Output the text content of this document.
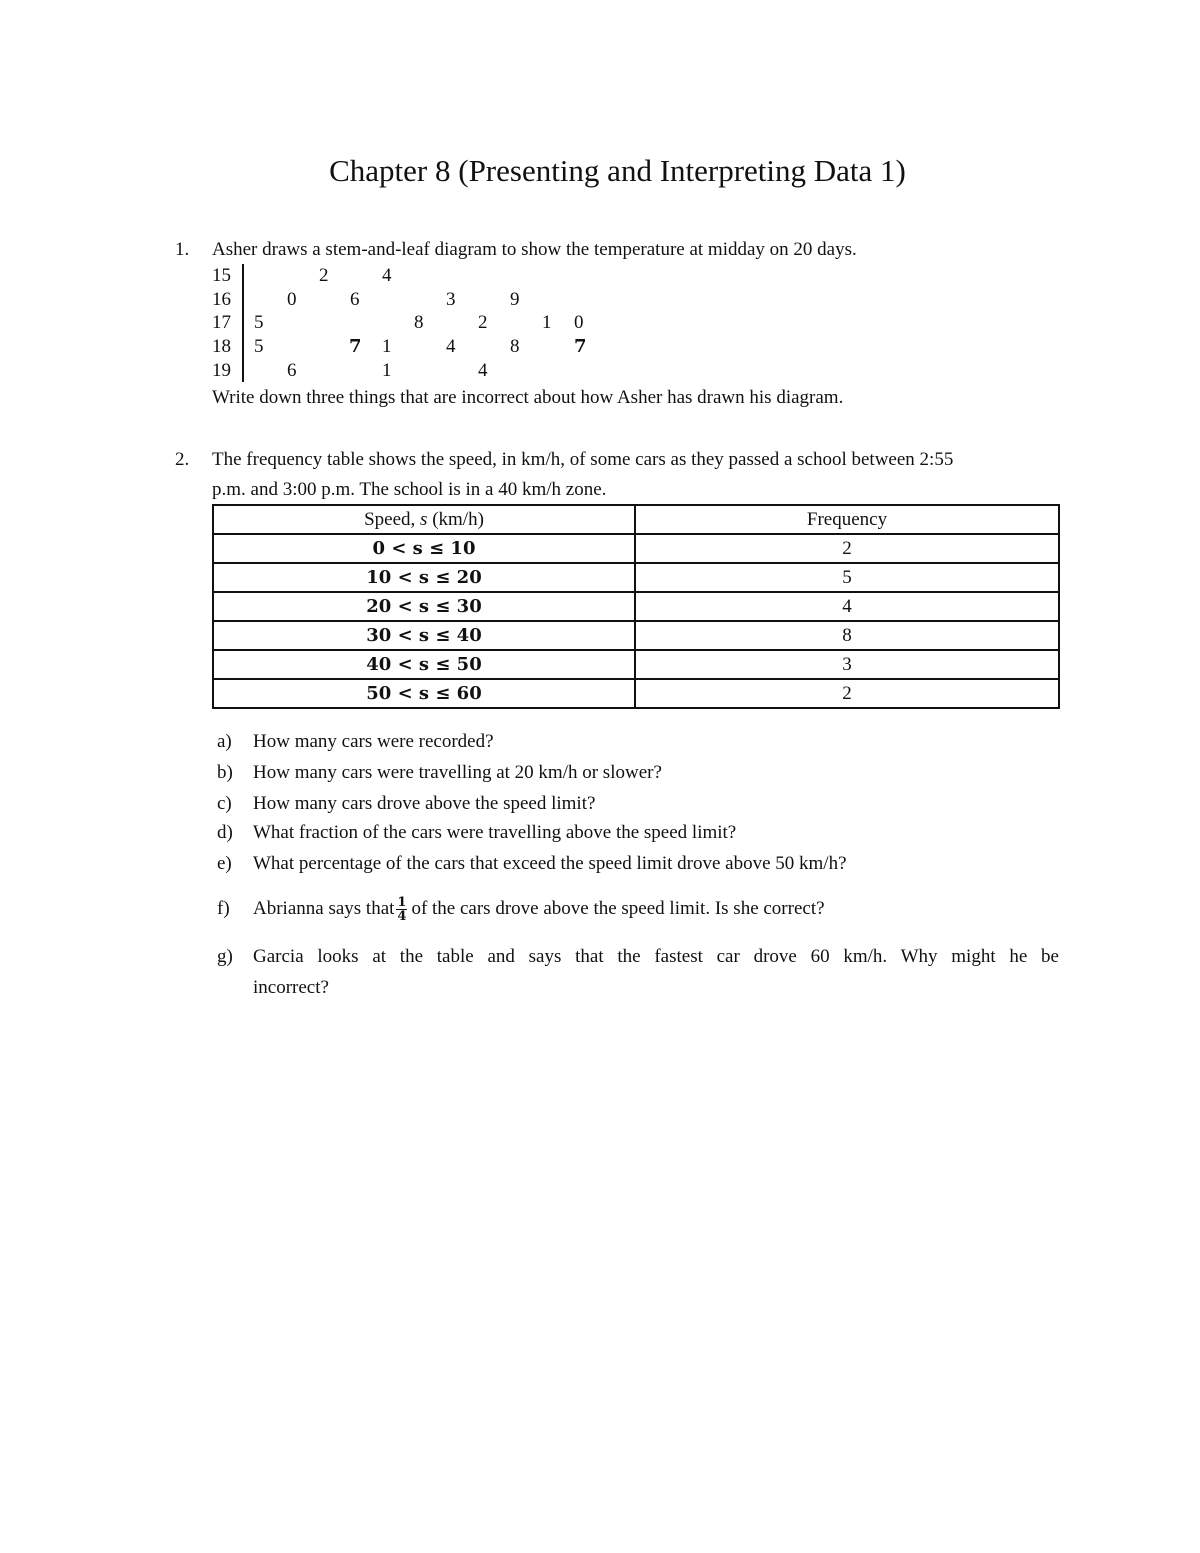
Chapter 8 (Presenting and Interpreting Data 1)
1. Asher draws a stem-and-leaf diagram to show the temperature at midday on 20 days.
15	2	4
16	0	6	3	9
17 5	8	2	1 0
18 5	7 1	4	8	7
19	6	1	4
Write down three things that are incorrect about how Asher has drawn his diagram.
2. The frequency table shows the speed, in km/h, of some cars as they passed a school between 2:55
p.m. and 3:00 p.m. The school is in a 40 km/h zone.
Speed, s (km/h)	Frequency
0 < s ≤ 10	2
10 < s ≤ 20	5
20 < s ≤ 30	4
30 < s ≤ 40	8
40 < s ≤ 50	3
50 < s ≤ 60	2
a) How many cars were recorded?
b) How many cars were travelling at 20 km/h or slower?
c) How many cars drove above the speed limit?
d) What fraction of the cars were travelling above the speed limit?
e) What percentage of the cars that exceed the speed limit drove above 50 km/h?
f) Abrianna says that $\frac{1}{4}$ of the cars drove above the speed limit. Is she correct?
g) Garcia looks at the table and says that the fastest car drove 60 km/h. Why might he be
incorrect?
